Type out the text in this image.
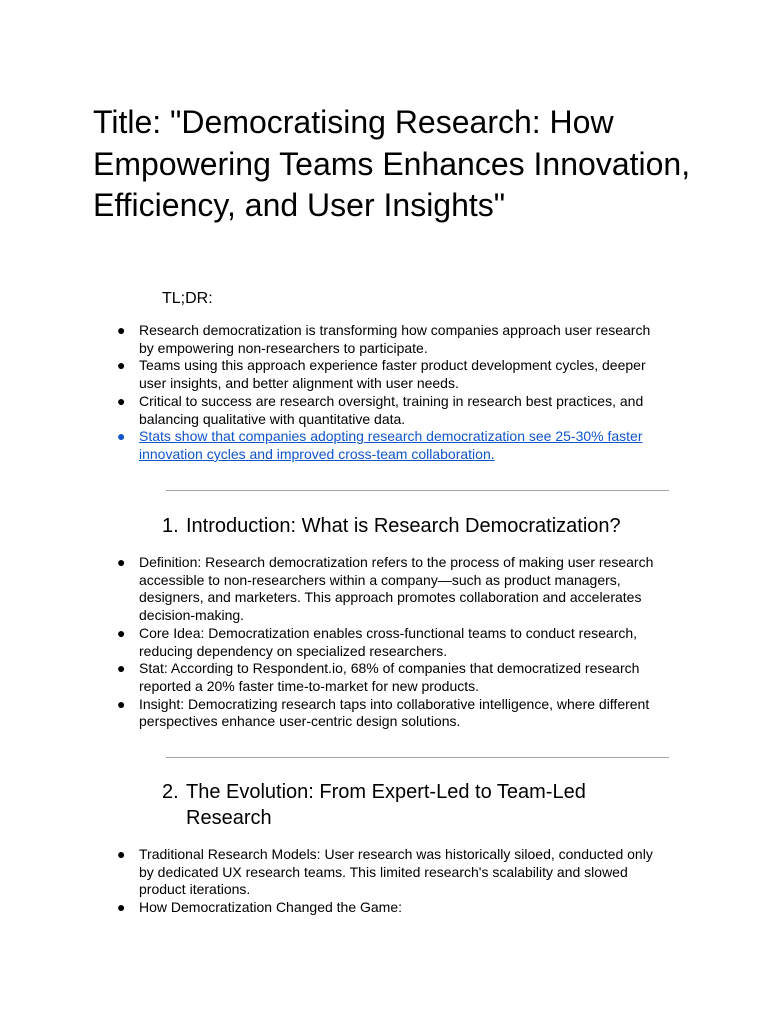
Title: "Democratising Research: How Empowering Teams Enhances Innovation, Efficiency, and User Insights"

TL;DR:

● Research democratization is transforming how companies approach user research by empowering non-researchers to participate.
● Teams using this approach experience faster product development cycles, deeper user insights, and better alignment with user needs.
● Critical to success are research oversight, training in research best practices, and balancing qualitative with quantitative data.
● Stats show that companies adopting research democratization see 25-30% faster innovation cycles and improved cross-team collaboration.
1. Introduction: What is Research Democratization?
● Definition: Research democratization refers to the process of making user research accessible to non-researchers within a company—such as product managers, designers, and marketers. This approach promotes collaboration and accelerates decision-making.
● Core Idea: Democratization enables cross-functional teams to conduct research, reducing dependency on specialized researchers.
● Stat: According to Respondent.io, 68% of companies that democratized research reported a 20% faster time-to-market for new products.
● Insight: Democratizing research taps into collaborative intelligence, where different perspectives enhance user-centric design solutions.
2. The Evolution: From Expert-Led to Team-Led Research
● Traditional Research Models: User research was historically siloed, conducted only by dedicated UX research teams. This limited research's scalability and slowed product iterations.
● How Democratization Changed the Game:
